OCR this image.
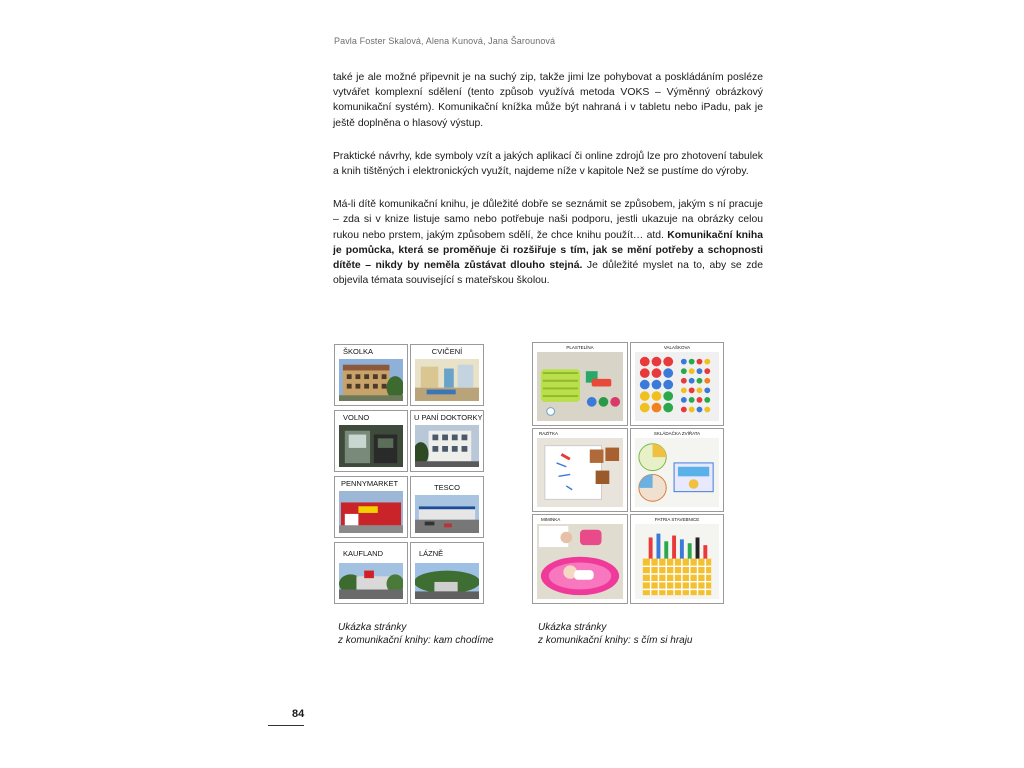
Pavla Foster Skalová, Alena Kunová, Jana Šarounová

také je ale možné připevnit je na suchý zip, takže jimi lze pohybovat a poskládáním posléze vytvářet komplexní sdělení (tento způsob využívá metoda VOKS – Výměnný obrázkový komunikační systém). Komunikační knížka může být nahraná i v tabletu nebo iPadu, pak je ještě doplněna o hlasový výstup.

Praktické návrhy, kde symboly vzít a jakých aplikací či online zdrojů lze pro zhotovení tabulek a knih tištěných i elektronických využít, najdeme níže v kapitole Než se pustíme do výroby.

Má-li dítě komunikační knihu, je důležité dobře se seznámit se způsobem, jakým s ní pracuje – zda si v knize listuje samo nebo potřebuje naši podporu, jestli ukazuje na obrázky celou rukou nebo prstem, jakým způsobem sdělí, že chce knihu použít… atd. Komunikační kniha je pomůcka, která se proměňuje či rozšiřuje s tím, jak se mění potřeby a schopnosti dítěte – nikdy by neměla zůstávat dlouho stejná. Je důležité myslet na to, aby se zde objevila témata související s mateřskou školou.

ŠKOLKA	CVIČENÍ
VOLNO	U PANÍ DOKTORKY
PENNYMARKET	TESCO
KAUFLAND	LÁZNĚ
Ukázka stránky
z komunikační knihy: kam chodíme
PLASTELÍNA	VALAŠKOVA
RAZÍTKA	SKLÁDAČKA ZVÍŘATA
MIMINKA	PATRIA STAVEBNICE
Ukázka stránky
z komunikační knihy: s čím si hraju
84
